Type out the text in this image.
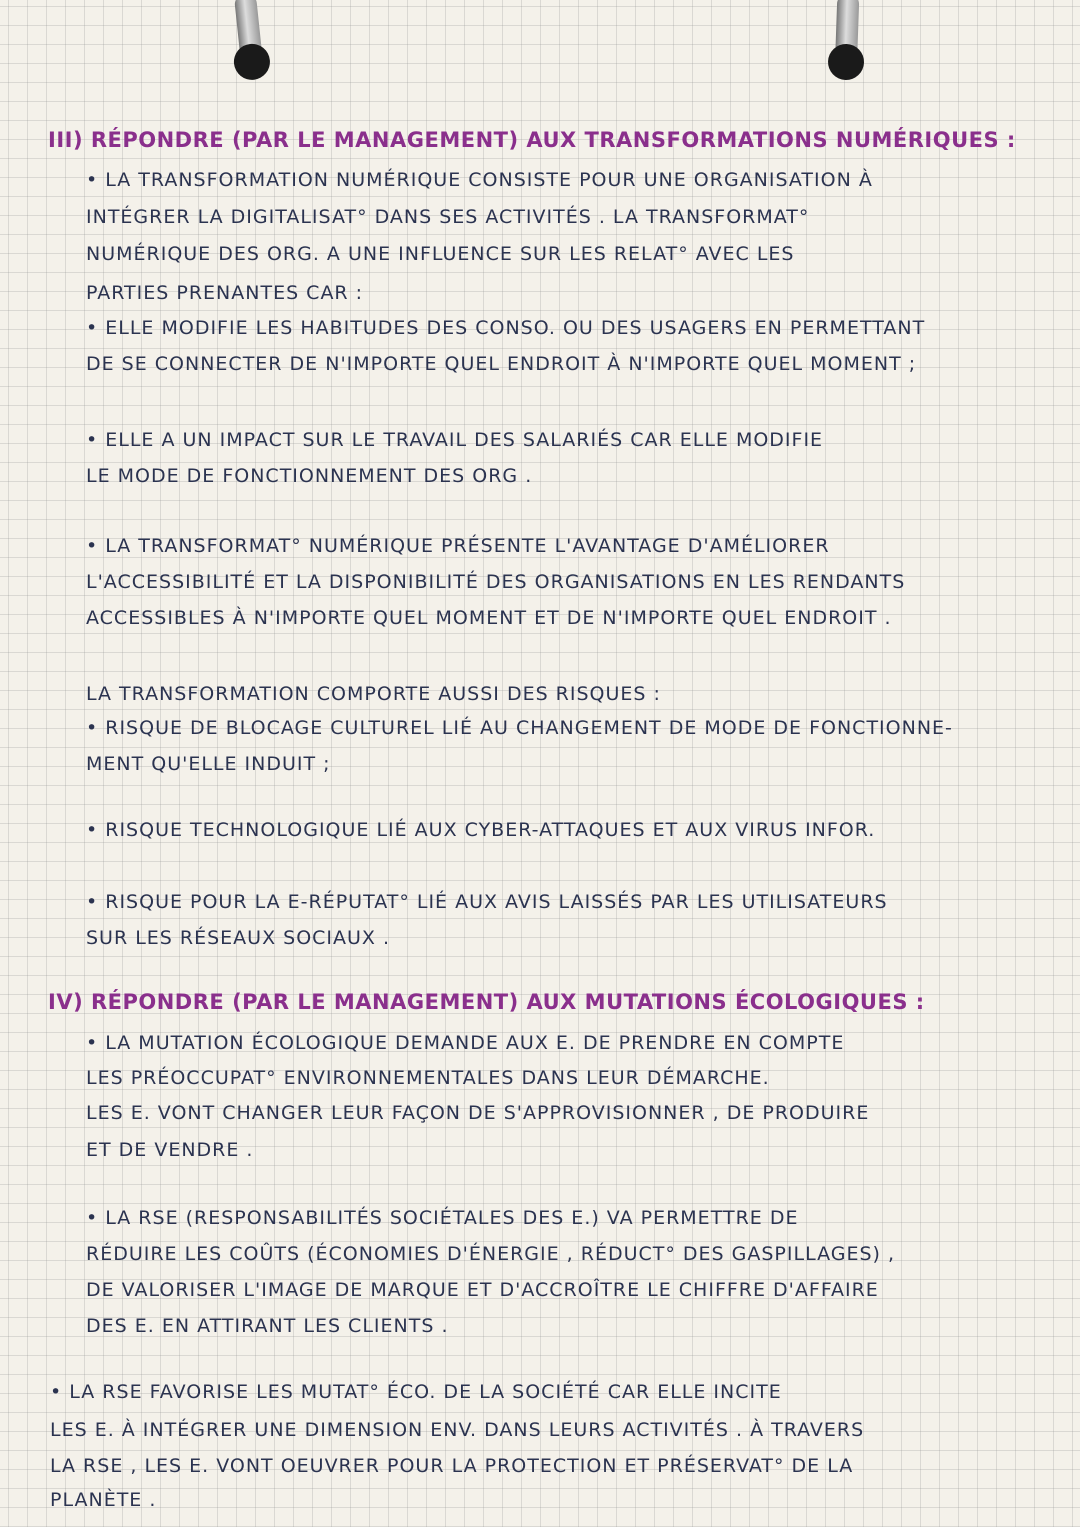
III) RÉPONDRE (PAR LE MANAGEMENT) AUX TRANSFORMATIONS NUMÉRIQUES :
• LA TRANSFORMATION NUMÉRIQUE CONSISTE POUR UNE ORGANISATION À
INTÉGRER LA DIGITALISAT° DANS SES ACTIVITÉS . LA TRANSFORMAT°
NUMÉRIQUE DES ORG. A UNE INFLUENCE SUR LES RELAT° AVEC LES
PARTIES PRENANTES CAR :
• ELLE MODIFIE LES HABITUDES DES CONSO. OU DES USAGERS EN PERMETTANT
DE SE CONNECTER DE N'IMPORTE QUEL ENDROIT À N'IMPORTE QUEL MOMENT ;
• ELLE A UN IMPACT SUR LE TRAVAIL DES SALARIÉS CAR ELLE MODIFIE
LE MODE DE FONCTIONNEMENT DES ORG .
• LA TRANSFORMAT° NUMÉRIQUE PRÉSENTE L'AVANTAGE D'AMÉLIORER
L'ACCESSIBILITÉ ET LA DISPONIBILITÉ DES ORGANISATIONS EN LES RENDANTS
ACCESSIBLES À N'IMPORTE QUEL MOMENT ET DE N'IMPORTE QUEL ENDROIT .
LA TRANSFORMATION COMPORTE AUSSI DES RISQUES :
• RISQUE DE BLOCAGE CULTUREL LIÉ AU CHANGEMENT DE MODE DE FONCTIONNE-
MENT QU'ELLE INDUIT ;
• RISQUE TECHNOLOGIQUE LIÉ AUX CYBER-ATTAQUES ET AUX VIRUS INFOR.
• RISQUE POUR LA E-RÉPUTAT° LIÉ AUX AVIS LAISSÉS PAR LES UTILISATEURS
SUR LES RÉSEAUX SOCIAUX .
IV) RÉPONDRE (PAR LE MANAGEMENT) AUX MUTATIONS ÉCOLOGIQUES :
• LA MUTATION ÉCOLOGIQUE DEMANDE AUX E. DE PRENDRE EN COMPTE
LES PRÉOCCUPAT° ENVIRONNEMENTALES DANS LEUR DÉMARCHE.
LES E. VONT CHANGER LEUR FAÇON DE S'APPROVISIONNER , DE PRODUIRE
ET DE VENDRE .
• LA RSE (RESPONSABILITÉS SOCIÉTALES DES E.) VA PERMETTRE DE
RÉDUIRE LES COÛTS (ÉCONOMIES D'ÉNERGIE , RÉDUCT° DES GASPILLAGES) ,
DE VALORISER L'IMAGE DE MARQUE ET D'ACCROÎTRE LE CHIFFRE D'AFFAIRE
DES E. EN ATTIRANT LES CLIENTS .
• LA RSE FAVORISE LES MUTAT° ÉCO. DE LA SOCIÉTÉ CAR ELLE INCITE
LES E. À INTÉGRER UNE DIMENSION ENV. DANS LEURS ACTIVITÉS . À TRAVERS
LA RSE , LES E. VONT OEUVRER POUR LA PROTECTION ET PRÉSERVAT° DE LA
PLANÈTE .
